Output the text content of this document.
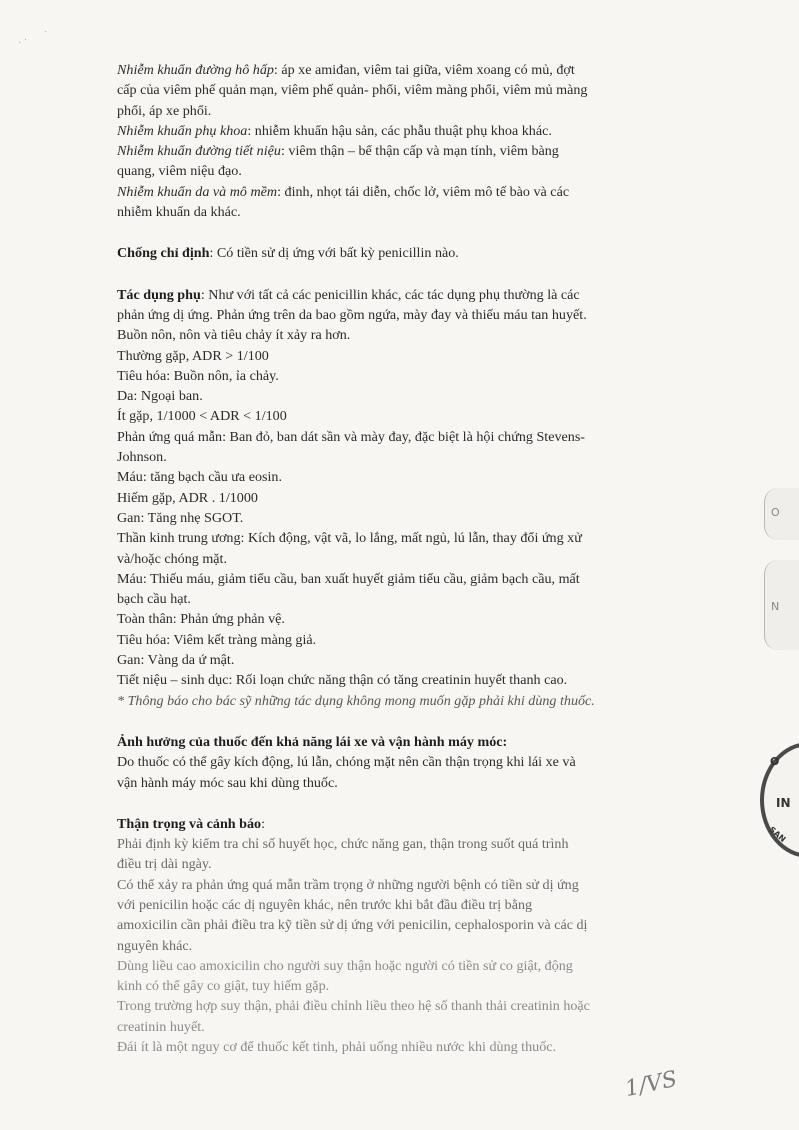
Nhiễm khuẩn đường hô hấp: áp xe amiđan, viêm tai giữa, viêm xoang có mủ, đợt
cấp của viêm phế quản mạn, viêm phế quản- phổi, viêm màng phổi, viêm mủ màng
phổi, áp xe phổi.
Nhiễm khuẩn phụ khoa: nhiễm khuẩn hậu sản, các phẫu thuật phụ khoa khác.
Nhiễm khuẩn đường tiết niệu: viêm thận – bể thận cấp và mạn tính, viêm bàng
quang, viêm niệu đạo.
Nhiễm khuẩn da và mô mềm: đinh, nhọt tái diễn, chốc lở, viêm mô tế bào và các
nhiễm khuẩn da khác.
Chống chỉ định: Có tiền sử dị ứng với bất kỳ penicillin nào.
Tác dụng phụ: Như với tất cả các penicillin khác, các tác dụng phụ thường là các
phản ứng dị ứng. Phản ứng trên da bao gồm ngứa, mày đay và thiếu máu tan huyết.
Buồn nôn, nôn và tiêu chảy ít xảy ra hơn.
Thường gặp, ADR > 1/100
Tiêu hóa: Buồn nôn, ỉa chảy.
Da: Ngoại ban.
Ít gặp, 1/1000 < ADR < 1/100
Phản ứng quá mẫn: Ban đỏ, ban dát sần và mày đay, đặc biệt là hội chứng Stevens-
Johnson.
Máu: tăng bạch cầu ưa eosin.
Hiếm gặp, ADR . 1/1000
Gan: Tăng nhẹ SGOT.
Thần kinh trung ương: Kích động, vật vã, lo lắng, mất ngủ, lú lẫn, thay đổi ứng xử
và/hoặc chóng mặt.
Máu: Thiếu máu, giảm tiểu cầu, ban xuất huyết giảm tiểu cầu, giảm bạch cầu, mất
bạch cầu hạt.
Toàn thân: Phản ứng phản vệ.
Tiêu hóa: Viêm kết tràng màng giả.
Gan: Vàng da ứ mật.
Tiết niệu – sinh dục: Rối loạn chức năng thận có tăng creatinin huyết thanh cao.
* Thông báo cho bác sỹ những tác dụng không mong muốn gặp phải khi dùng thuốc.
Ảnh hưởng của thuốc đến khả năng lái xe và vận hành máy móc:
Do thuốc có thể gây kích động, lú lẫn, chóng mặt nên cần thận trọng khi lái xe và
vận hành máy móc sau khi dùng thuốc.
Thận trọng và cảnh báo:
Phải định kỳ kiểm tra chỉ số huyết học, chức năng gan, thận trong suốt quá trình
điều trị dài ngày.
Có thể xảy ra phản ứng quá mẫn trầm trọng ở những người bệnh có tiền sử dị ứng
với penicilin hoặc các dị nguyên khác, nên trước khi bắt đầu điều trị bằng
amoxicilin cần phải điều tra kỹ tiền sử dị ứng với penicilin, cephalosporin và các dị
nguyên khác.
Dùng liều cao amoxicilin cho người suy thận hoặc người có tiền sử co giật, động
kinh có thể gây co giật, tuy hiếm gặp.
Trong trường hợp suy thận, phải điều chỉnh liều theo hệ số thanh thải creatinin hoặc
creatinin huyết.
Đái ít là một nguy cơ để thuốc kết tinh, phải uống nhiều nước khi dùng thuốc.
· ˙
˙
O
N
O
IN
SAN
1/VS
